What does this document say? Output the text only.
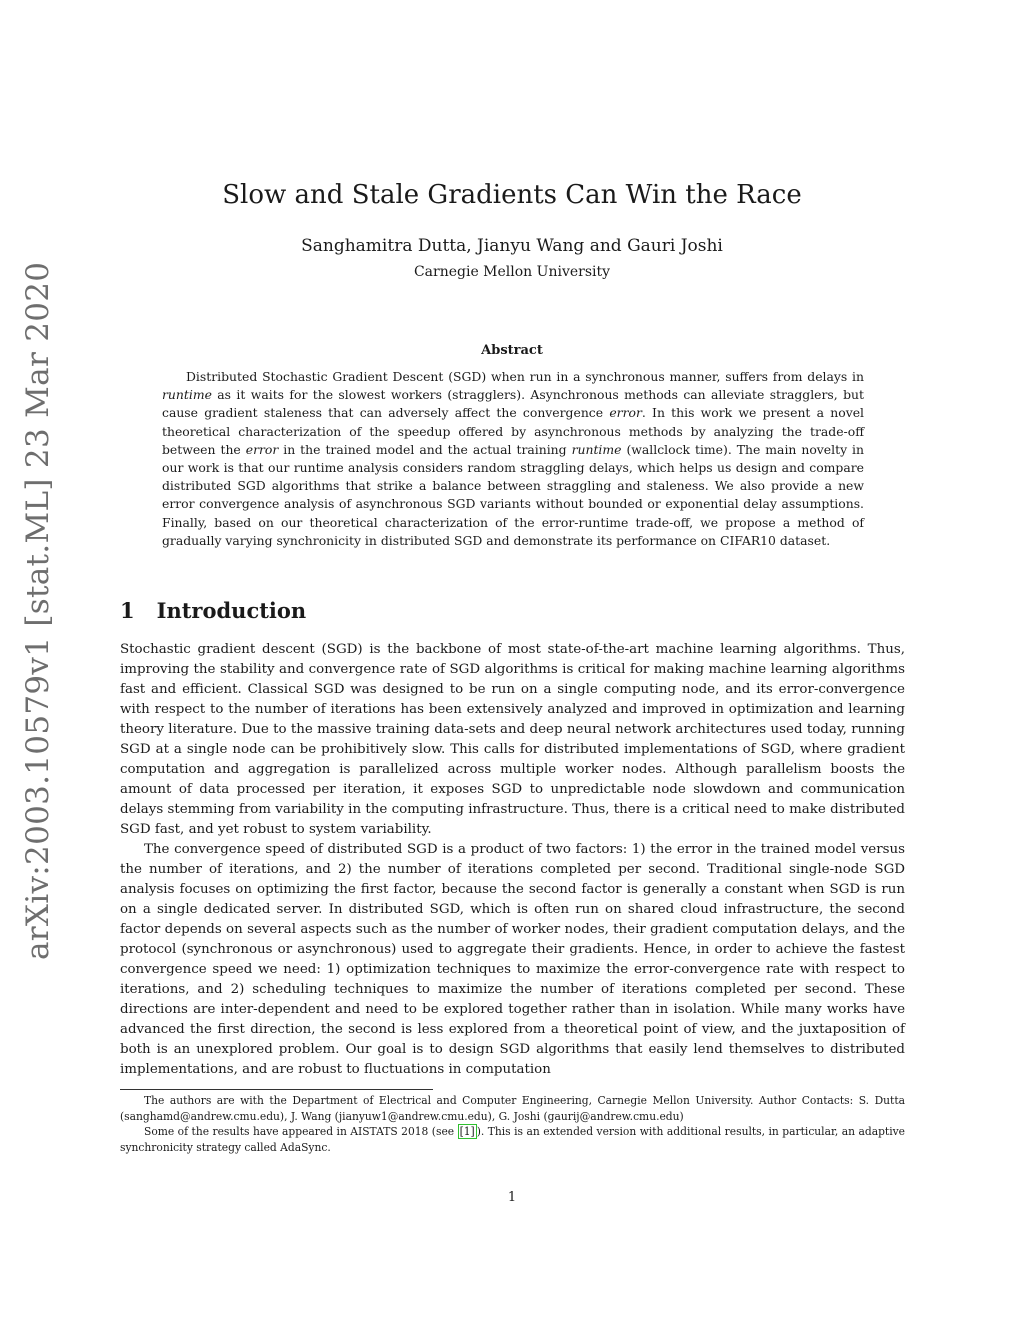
arXiv:2003.10579v1 [stat.ML] 23 Mar 2020
Slow and Stale Gradients Can Win the Race
Sanghamitra Dutta, Jianyu Wang and Gauri Joshi
Carnegie Mellon University
Abstract

Distributed Stochastic Gradient Descent (SGD) when run in a synchronous manner, suffers from delays in runtime as it waits for the slowest workers (stragglers). Asynchronous methods can alleviate stragglers, but cause gradient staleness that can adversely affect the convergence error. In this work we present a novel theoretical characterization of the speedup offered by asynchronous methods by analyzing the trade-off between the error in the trained model and the actual training runtime (wallclock time). The main novelty in our work is that our runtime analysis considers random straggling delays, which helps us design and compare distributed SGD algorithms that strike a balance between straggling and staleness. We also provide a new error convergence analysis of asynchronous SGD variants without bounded or exponential delay assumptions. Finally, based on our theoretical characterization of the error-runtime trade-off, we propose a method of gradually varying synchronicity in distributed SGD and demonstrate its performance on CIFAR10 dataset.

1 Introduction

Stochastic gradient descent (SGD) is the backbone of most state-of-the-art machine learning algorithms. Thus, improving the stability and convergence rate of SGD algorithms is critical for making machine learning algorithms fast and efficient. Classical SGD was designed to be run on a single computing node, and its error-convergence with respect to the number of iterations has been extensively analyzed and improved in optimization and learning theory literature. Due to the massive training data-sets and deep neural network architectures used today, running SGD at a single node can be prohibitively slow. This calls for distributed implementations of SGD, where gradient computation and aggregation is parallelized across multiple worker nodes. Although parallelism boosts the amount of data processed per iteration, it exposes SGD to unpredictable node slowdown and communication delays stemming from variability in the computing infrastructure. Thus, there is a critical need to make distributed SGD fast, and yet robust to system variability.

The convergence speed of distributed SGD is a product of two factors: 1) the error in the trained model versus the number of iterations, and 2) the number of iterations completed per second. Traditional single-node SGD analysis focuses on optimizing the first factor, because the second factor is generally a constant when SGD is run on a single dedicated server. In distributed SGD, which is often run on shared cloud infrastructure, the second factor depends on several aspects such as the number of worker nodes, their gradient computation delays, and the protocol (synchronous or asynchronous) used to aggregate their gradients. Hence, in order to achieve the fastest convergence speed we need: 1) optimization techniques to maximize the error-convergence rate with respect to iterations, and 2) scheduling techniques to maximize the number of iterations completed per second. These directions are inter-dependent and need to be explored together rather than in isolation. While many works have advanced the first direction, the second is less explored from a theoretical point of view, and the juxtaposition of both is an unexplored problem. Our goal is to design SGD algorithms that easily lend themselves to distributed implementations, and are robust to fluctuations in computation

The authors are with the Department of Electrical and Computer Engineering, Carnegie Mellon University. Author Contacts: S. Dutta (sanghamd@andrew.cmu.edu), J. Wang (jianyuw1@andrew.cmu.edu), G. Joshi (gaurij@andrew.cmu.edu)

Some of the results have appeared in AISTATS 2018 (see [1] ). This is an extended version with additional results, in particular, an adaptive synchronicity strategy called AdaSync.

1
